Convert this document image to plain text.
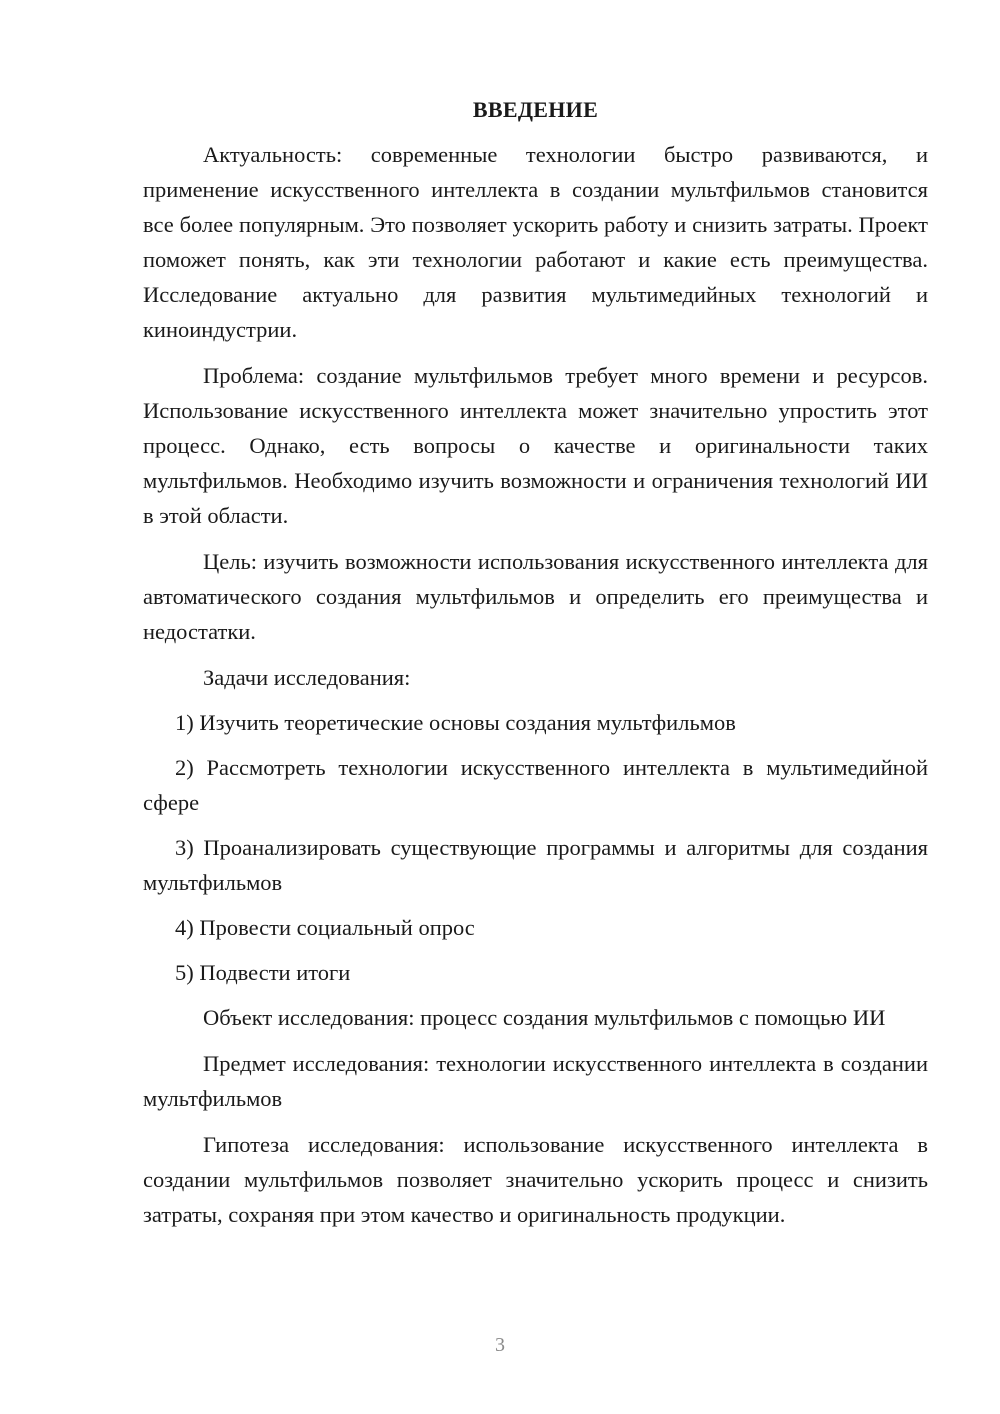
ВВЕДЕНИЕ

Актуальность: современные технологии быстро развиваются, и применение искусственного интеллекта в создании мультфильмов становится все более популярным. Это позволяет ускорить работу и снизить затраты. Проект поможет понять, как эти технологии работают и какие есть преимущества. Исследование актуально для развития мультимедийных технологий и киноиндустрии.

Проблема: создание мультфильмов требует много времени и ресурсов. Использование искусственного интеллекта может значительно упростить этот процесс. Однако, есть вопросы о качестве и оригинальности таких мультфильмов. Необходимо изучить возможности и ограничения технологий ИИ в этой области.

Цель: изучить возможности использования искусственного интеллекта для автоматического создания мультфильмов и определить его преимущества и недостатки.

Задачи исследования:

1) Изучить теоретические основы создания мультфильмов

2) Рассмотреть технологии искусственного интеллекта в мультимедийной сфере

3) Проанализировать существующие программы и алгоритмы для создания мультфильмов

4) Провести социальный опрос

5) Подвести итоги

Объект исследования: процесс создания мультфильмов с помощью ИИ

Предмет исследования: технологии искусственного интеллекта в создании мультфильмов

Гипотеза исследования: использование искусственного интеллекта в создании мультфильмов позволяет значительно ускорить процесс и снизить затраты, сохраняя при этом качество и оригинальность продукции.

3
